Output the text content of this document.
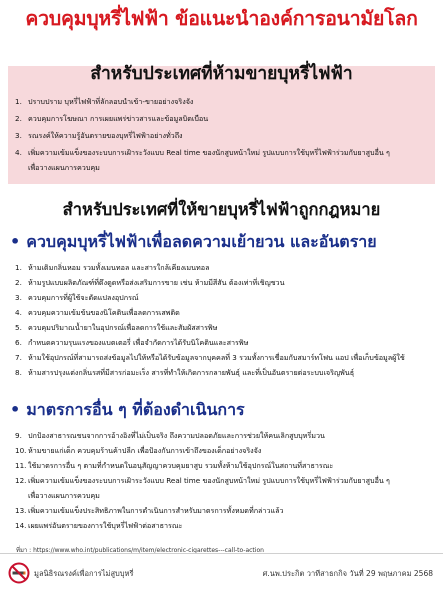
ควบคุมบุหรี่ไฟฟ้า ข้อแนะนำองค์การอนามัยโลก
สำหรับประเทศที่ห้ามขายบุหรี่ไฟฟ้า
1. ปราบปราม บุหรี่ไฟฟ้าที่ลักลอบนำเข้า-ขายอย่างจริงจัง
2. ควบคุมการโฆษณา การเผยแพร่ข่าวสารและข้อมูลบิดเบือน
3. รณรงค์ให้ความรู้อันตรายของบุหรี่ไฟฟ้าอย่างทั่วถึง
4. เพิ่มความเข้มแข็งของระบบการเฝ้าระวังแบบ Real time ของนักสูบหน้าใหม่ รูปแบบการใช้บุหรี่ไฟฟ้าร่วมกับยาสูบอื่น ๆ
เพื่อวางแผนการควบคุม
สำหรับประเทศที่ให้ขายบุหรี่ไฟฟ้าถูกกฎหมาย
• ควบคุมบุหรี่ไฟฟ้าเพื่อลดความเย้ายวน และอันตราย
1. ห้ามเติมกลิ่นหอม รวมทั้งเมนทอล และสารใกล้เคียงเมนทอล
2. ห้ามรูปแบบผลิตภัณฑ์ที่ดึงดูดหรือส่งเสริมการขาย เช่น ห้ามมีสีสัน ต้องเท่าที่เชิญชวน
3. ควบคุมการที่ผู้ใช้จะดัดแปลงอุปกรณ์
4. ควบคุมความเข้มข้นของนิโคตินเพื่อลดการเสพติด
5. ควบคุมปริมาณน้ำยาในอุปกรณ์เพื่อลดการใช้และสัมผัสสารพิษ
6. กำหนดความรุนแรงของแบตเตอรี่ เพื่อจำกัดการได้รับนิโคตินและสารพิษ
7. ห้ามใช้อุปกรณ์ที่สามารถส่งข้อมูลไปให้หรือได้รับข้อมูลจากบุคคลที่ 3 รวมทั้งการเชื่อมกับสมาร์ทโฟน แอป เพื่อเก็บข้อมูลผู้ใช้
8. ห้ามสารปรุงแต่งกลิ่นรสที่มีสารก่อมะเร็ง สารที่ทำให้เกิดการกลายพันธุ์ และที่เป็นอันตรายต่อระบบเจริญพันธุ์
• มาตรการอื่น ๆ ที่ต้องดำเนินการ
9. ปกป้องสาธารณชนจากการอ้างอิงที่ไม่เป็นจริง ถึงความปลอดภัยและการช่วยให้คนเลิกสูบบุหรี่มวน
10. ห้ามขายแก่เด็ก ควบคุมร้านค้าปลีก เพื่อป้องกันการเข้าถึงของเด็กอย่างจริงจัง
11. ใช้มาตรการอื่น ๆ ตามที่กำหนดในอนุสัญญาควบคุมยาสูบ รวมทั้งห้ามใช้อุปกรณ์ในสถานที่สาธารณะ
12. เพิ่มความเข้มแข็งของระบบการเฝ้าระวังแบบ Real time ของนักสูบหน้าใหม่ รูปแบบการใช้บุหรี่ไฟฟ้าร่วมกับยาสูบอื่น ๆ
เพื่อวางแผนการควบคุม
13. เพิ่มความเข้มแข็งประสิทธิภาพในการดำเนินการสำหรับมาตรการทั้งหมดที่กล่าวแล้ว
14. เผยแพร่อันตรายของการใช้บุหรี่ไฟฟ้าต่อสาธารณะ
ที่มา : https://www.who.int/publications/m/item/electronic-cigarettes---call-to-action
มูลนิธิรณรงค์เพื่อการไม่สูบบุหรี่	ศ.นพ.ประกิต วาทีสาธกกิจ วันที่ 29 พฤษภาคม 2568
